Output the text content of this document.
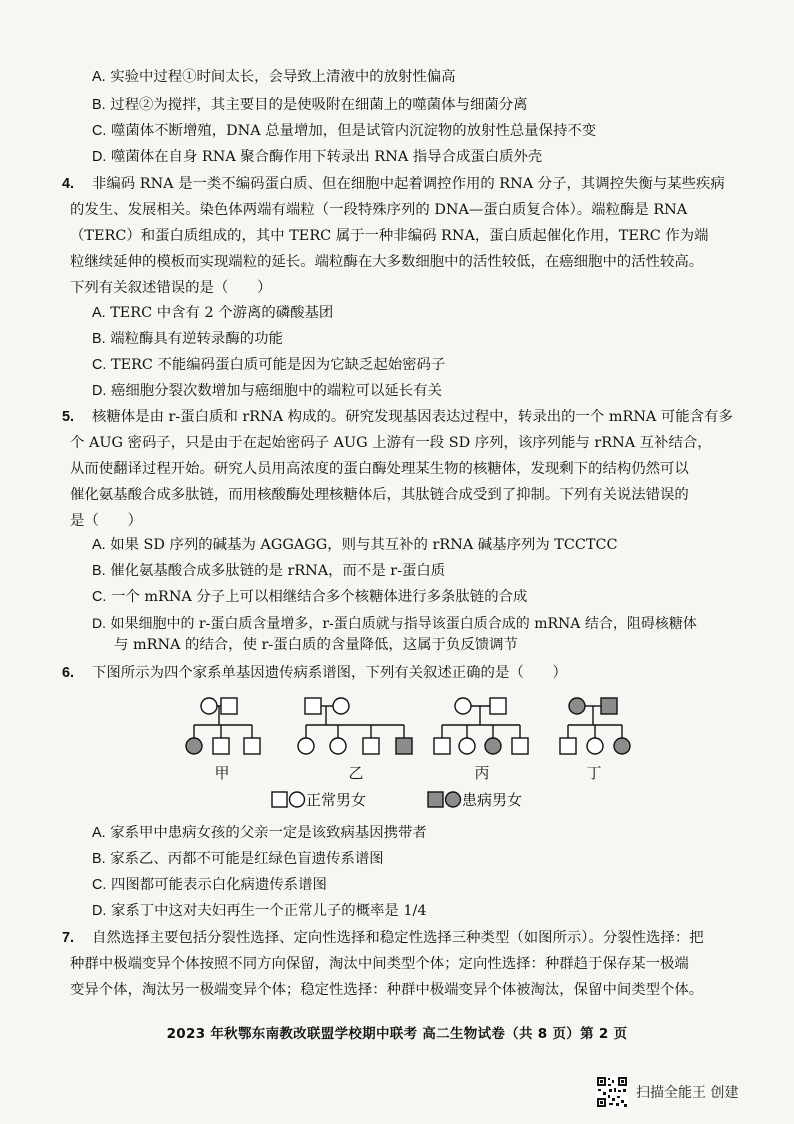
A. 实验中过程①时间太长，会导致上清液中的放射性偏高
B. 过程②为搅拌，其主要目的是使吸附在细菌上的噬菌体与细菌分离
C. 噬菌体不断增殖，DNA 总量增加，但是试管内沉淀物的放射性总量保持不变
D. 噬菌体在自身 RNA 聚合酶作用下转录出 RNA 指导合成蛋白质外壳
4. 非编码 RNA 是一类不编码蛋白质、但在细胞中起着调控作用的 RNA 分子，其调控失衡与某些疾病
的发生、发展相关。染色体两端有端粒（一段特殊序列的 DNA—蛋白质复合体）。端粒酶是 RNA
（TERC）和蛋白质组成的，其中 TERC 属于一种非编码 RNA，蛋白质起催化作用，TERC 作为端
粒继续延伸的模板而实现端粒的延长。端粒酶在大多数细胞中的活性较低，在癌细胞中的活性较高。
下列有关叙述错误的是（　　）
A. TERC 中含有 2 个游离的磷酸基团
B. 端粒酶具有逆转录酶的功能
C. TERC 不能编码蛋白质可能是因为它缺乏起始密码子
D. 癌细胞分裂次数增加与癌细胞中的端粒可以延长有关
5. 核糖体是由 r-蛋白质和 rRNA 构成的。研究发现基因表达过程中，转录出的一个 mRNA 可能含有多
个 AUG 密码子，只是由于在起始密码子 AUG 上游有一段 SD 序列，该序列能与 rRNA 互补结合，
从而使翻译过程开始。研究人员用高浓度的蛋白酶处理某生物的核糖体，发现剩下的结构仍然可以
催化氨基酸合成多肽链，而用核酸酶处理核糖体后，其肽链合成受到了抑制。下列有关说法错误的
是（　　）
A. 如果 SD 序列的碱基为 AGGAGG，则与其互补的 rRNA 碱基序列为 TCCTCC
B. 催化氨基酸合成多肽链的是 rRNA，而不是 r-蛋白质
C. 一个 mRNA 分子上可以相继结合多个核糖体进行多条肽链的合成
D. 如果细胞中的 r-蛋白质含量增多，r-蛋白质就与指导该蛋白质合成的 mRNA 结合，阻碍核糖体
与 mRNA 的结合，使 r-蛋白质的含量降低，这属于负反馈调节
6. 下图所示为四个家系单基因遗传病系谱图，下列有关叙述正确的是（　　）
甲	乙	丙	丁
正常男女	患病男女
A. 家系甲中患病女孩的父亲一定是该致病基因携带者
B. 家系乙、丙都不可能是红绿色盲遗传系谱图
C. 四图都可能表示白化病遗传系谱图
D. 家系丁中这对夫妇再生一个正常儿子的概率是 1/4
7. 自然选择主要包括分裂性选择、定向性选择和稳定性选择三种类型（如图所示）。分裂性选择：把
种群中极端变异个体按照不同方向保留，淘汰中间类型个体；定向性选择：种群趋于保存某一极端
变异个体，淘汰另一极端变异个体；稳定性选择：种群中极端变异个体被淘汰，保留中间类型个体。
2023 年秋鄂东南教改联盟学校期中联考 高二生物试卷（共 8 页）第 2 页
扫描全能王 创建
